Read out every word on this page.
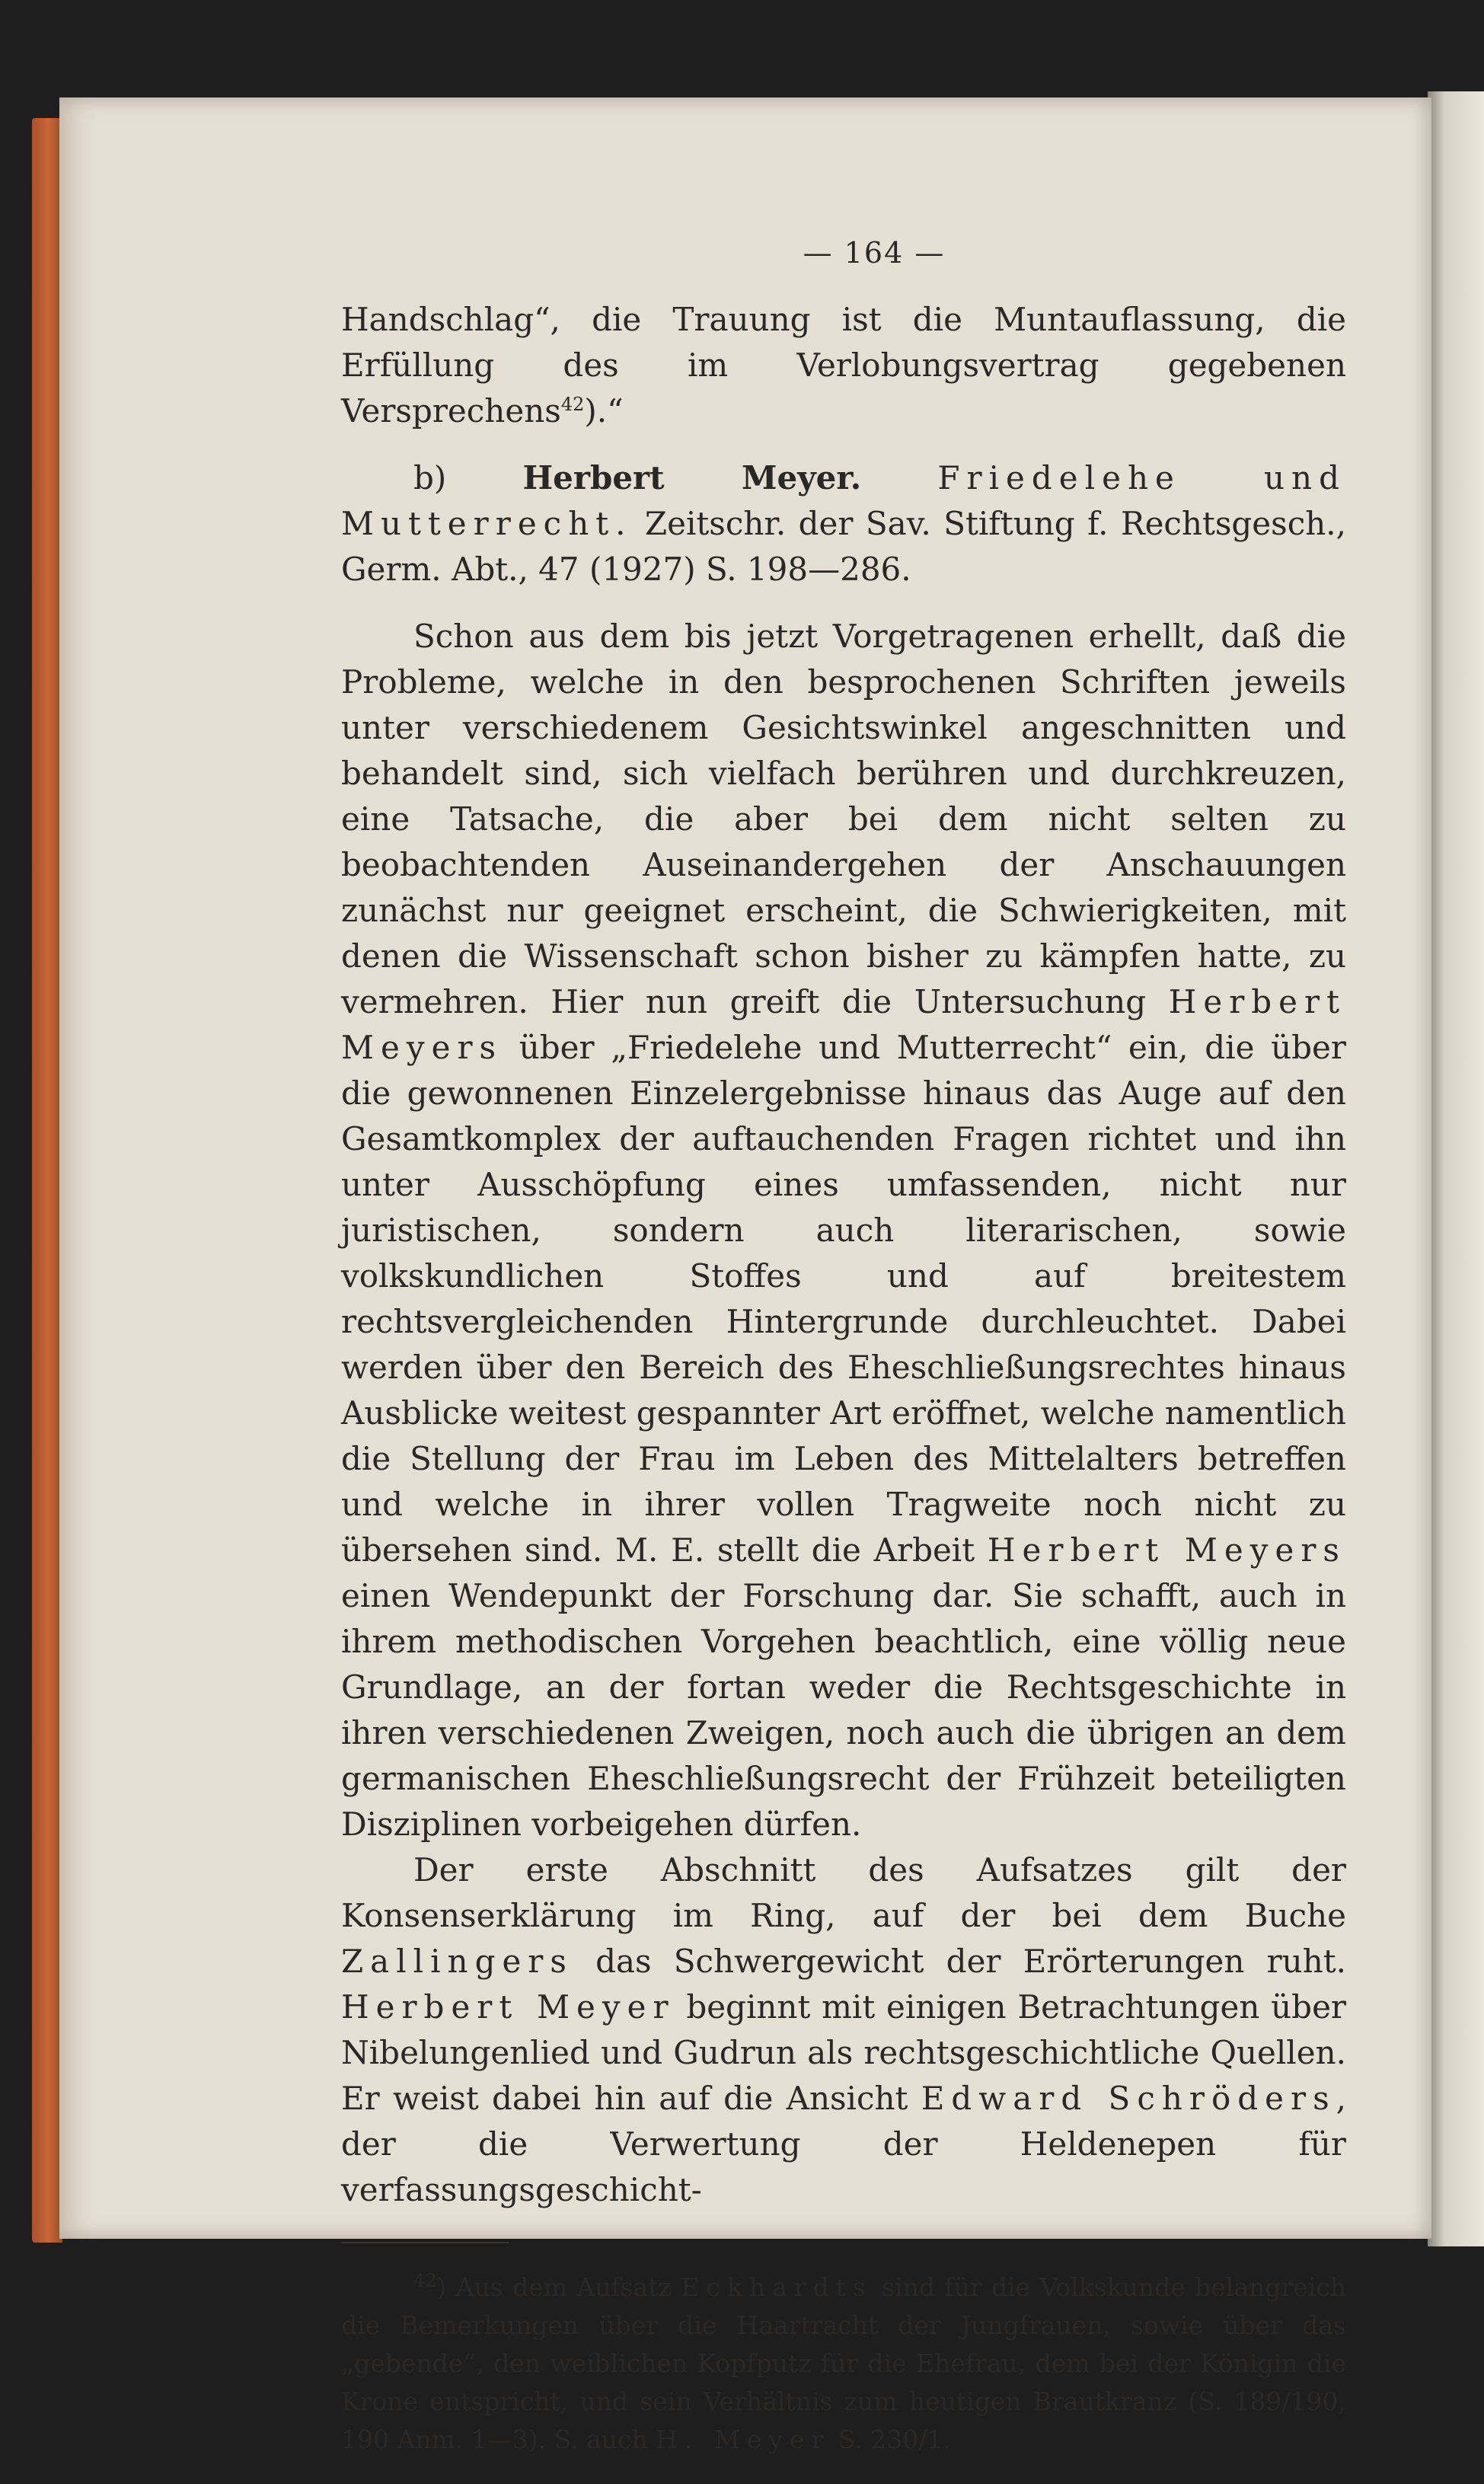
— 164 —

Handschlag“, die Trauung ist die Muntauflassung, die Erfüllung des im Verlobungsvertrag gegebenen Versprechens$^{42}$).“

b) Herbert Meyer. Friedelehe und Mutterrecht. Zeitschr. der Sav. Stiftung f. Rechtsgesch., Germ. Abt., 47 (1927) S. 198—286.

Schon aus dem bis jetzt Vorgetragenen erhellt, daß die Probleme, welche in den besprochenen Schriften jeweils unter verschiedenem Gesichtswinkel angeschnitten und behandelt sind, sich vielfach berühren und durchkreuzen, eine Tatsache, die aber bei dem nicht selten zu beobachtenden Auseinandergehen der Anschauungen zunächst nur geeignet erscheint, die Schwierigkeiten, mit denen die Wissenschaft schon bisher zu kämpfen hatte, zu vermehren. Hier nun greift die Untersuchung Herbert Meyers über „Friedelehe und Mutterrecht“ ein, die über die gewonnenen Einzelergebnisse hinaus das Auge auf den Gesamtkomplex der auftauchenden Fragen richtet und ihn unter Ausschöpfung eines umfassenden, nicht nur juristischen, sondern auch literarischen, sowie volkskundlichen Stoffes und auf breitestem rechtsvergleichenden Hintergrunde durchleuchtet. Dabei werden über den Bereich des Eheschließungsrechtes hinaus Ausblicke weitest gespannter Art eröffnet, welche namentlich die Stellung der Frau im Leben des Mittelalters betreffen und welche in ihrer vollen Tragweite noch nicht zu übersehen sind. M. E. stellt die Arbeit Herbert Meyers einen Wendepunkt der Forschung dar. Sie schafft, auch in ihrem methodischen Vorgehen beachtlich, eine völlig neue Grundlage, an der fortan weder die Rechtsgeschichte in ihren verschiedenen Zweigen, noch auch die übrigen an dem germanischen Eheschließungsrecht der Frühzeit beteiligten Disziplinen vorbeigehen dürfen.

Der erste Abschnitt des Aufsatzes gilt der Konsenserklärung im Ring, auf der bei dem Buche Zallingers das Schwergewicht der Erörterungen ruht. Herbert Meyer beginnt mit einigen Betrachtungen über Nibelungenlied und Gudrun als rechtsgeschichtliche Quellen. Er weist dabei hin auf die Ansicht Edward Schröders, der die Verwertung der Heldenepen für verfassungsgeschicht-

$^{42}$) Aus dem Aufsatz Eckhardts sind für die Volkskunde belangreich die Bemerkungen über die Haartracht der Jungfrauen, sowie über das „gebende“, den weiblichen Kopfputz für die Ehefrau, dem bei der Königin die Krone entspricht, und sein Verhältnis zum heutigen Brautkranz (S. 189/190, 190 Anm. 1—3). S. auch H. Meyer S. 230/1.
